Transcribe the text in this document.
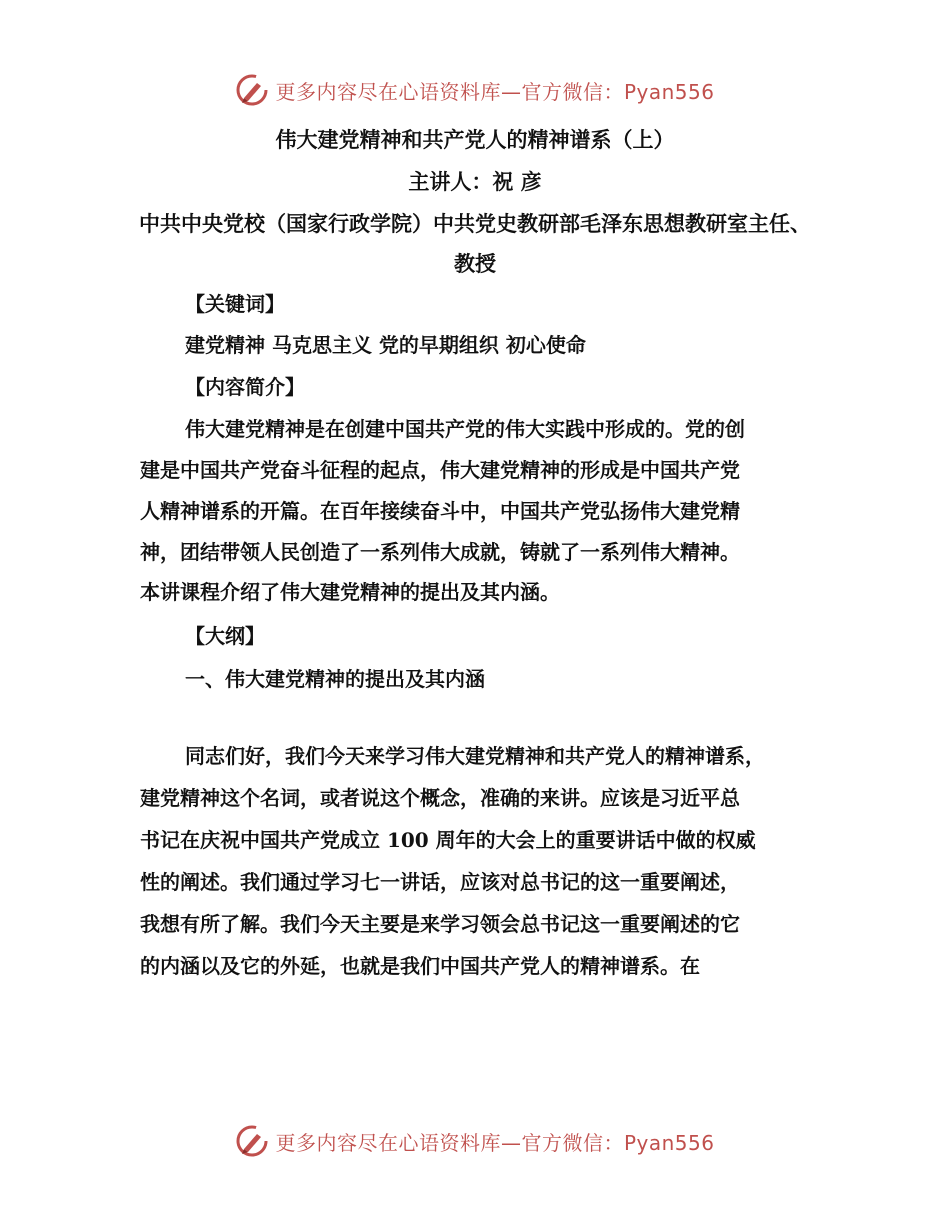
更多内容尽在心语资料库—官方微信：Pyan556
伟大建党精神和共产党人的精神谱系（上）
主讲人：祝 彦
中共中央党校（国家行政学院）中共党史教研部毛泽东思想教研室主任、教授
【关键词】
建党精神 马克思主义 党的早期组织 初心使命
【内容简介】
伟大建党精神是在创建中国共产党的伟大实践中形成的。党的创
建是中国共产党奋斗征程的起点，伟大建党精神的形成是中国共产党
人精神谱系的开篇。在百年接续奋斗中，中国共产党弘扬伟大建党精
神，团结带领人民创造了一系列伟大成就，铸就了一系列伟大精神。
本讲课程介绍了伟大建党精神的提出及其内涵。
【大纲】
一、伟大建党精神的提出及其内涵
同志们好，我们今天来学习伟大建党精神和共产党人的精神谱系，
建党精神这个名词，或者说这个概念，准确的来讲。应该是习近平总
书记在庆祝中国共产党成立 100 周年的大会上的重要讲话中做的权威
性的阐述。我们通过学习七一讲话，应该对总书记的这一重要阐述，
我想有所了解。我们今天主要是来学习领会总书记这一重要阐述的它
的内涵以及它的外延，也就是我们中国共产党人的精神谱系。在
更多内容尽在心语资料库—官方微信：Pyan556
